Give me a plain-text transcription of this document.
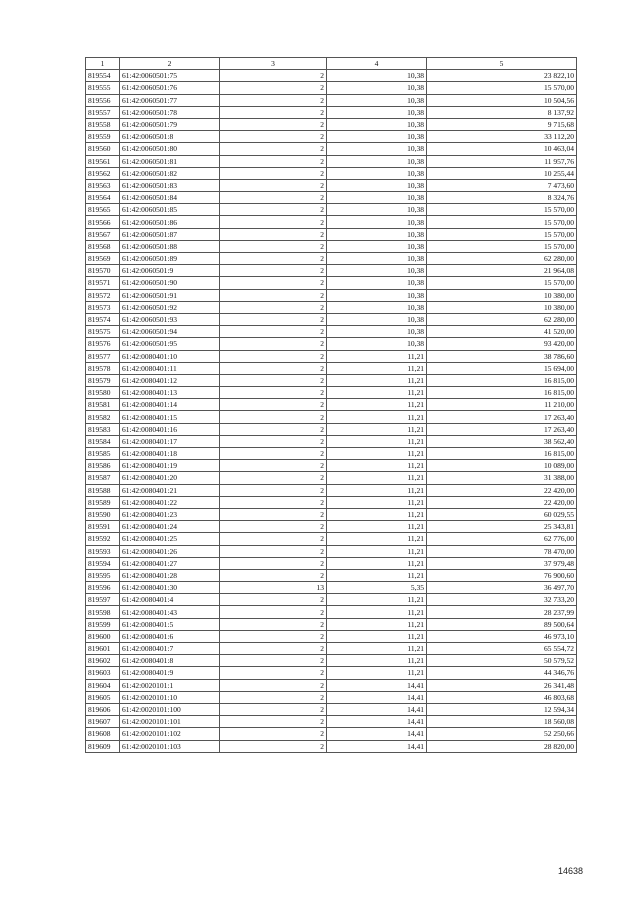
1	2	3	4	5
819554	61:42:0060501:75	2	10,38	23 822,10
819555	61:42:0060501:76	2	10,38	15 570,00
819556	61:42:0060501:77	2	10,38	10 504,56
819557	61:42:0060501:78	2	10,38	8 137,92
819558	61:42:0060501:79	2	10,38	9 715,68
819559	61:42:0060501:8	2	10,38	33 112,20
819560	61:42:0060501:80	2	10,38	10 463,04
819561	61:42:0060501:81	2	10,38	11 957,76
819562	61:42:0060501:82	2	10,38	10 255,44
819563	61:42:0060501:83	2	10,38	7 473,60
819564	61:42:0060501:84	2	10,38	8 324,76
819565	61:42:0060501:85	2	10,38	15 570,00
819566	61:42:0060501:86	2	10,38	15 570,00
819567	61:42:0060501:87	2	10,38	15 570,00
819568	61:42:0060501:88	2	10,38	15 570,00
819569	61:42:0060501:89	2	10,38	62 280,00
819570	61:42:0060501:9	2	10,38	21 964,08
819571	61:42:0060501:90	2	10,38	15 570,00
819572	61:42:0060501:91	2	10,38	10 380,00
819573	61:42:0060501:92	2	10,38	10 380,00
819574	61:42:0060501:93	2	10,38	62 280,00
819575	61:42:0060501:94	2	10,38	41 520,00
819576	61:42:0060501:95	2	10,38	93 420,00
819577	61:42:0080401:10	2	11,21	38 786,60
819578	61:42:0080401:11	2	11,21	15 694,00
819579	61:42:0080401:12	2	11,21	16 815,00
819580	61:42:0080401:13	2	11,21	16 815,00
819581	61:42:0080401:14	2	11,21	11 210,00
819582	61:42:0080401:15	2	11,21	17 263,40
819583	61:42:0080401:16	2	11,21	17 263,40
819584	61:42:0080401:17	2	11,21	38 562,40
819585	61:42:0080401:18	2	11,21	16 815,00
819586	61:42:0080401:19	2	11,21	10 089,00
819587	61:42:0080401:20	2	11,21	31 388,00
819588	61:42:0080401:21	2	11,21	22 420,00
819589	61:42:0080401:22	2	11,21	22 420,00
819590	61:42:0080401:23	2	11,21	60 029,55
819591	61:42:0080401:24	2	11,21	25 343,81
819592	61:42:0080401:25	2	11,21	62 776,00
819593	61:42:0080401:26	2	11,21	78 470,00
819594	61:42:0080401:27	2	11,21	37 979,48
819595	61:42:0080401:28	2	11,21	76 900,60
819596	61:42:0080401:30	13	5,35	36 497,70
819597	61:42:0080401:4	2	11,21	32 733,20
819598	61:42:0080401:43	2	11,21	28 237,99
819599	61:42:0080401:5	2	11,21	89 500,64
819600	61:42:0080401:6	2	11,21	46 973,10
819601	61:42:0080401:7	2	11,21	65 554,72
819602	61:42:0080401:8	2	11,21	50 579,52
819603	61:42:0080401:9	2	11,21	44 346,76
819604	61:42:0020101:1	2	14,41	26 341,48
819605	61:42:0020101:10	2	14,41	46 803,68
819606	61:42:0020101:100	2	14,41	12 594,34
819607	61:42:0020101:101	2	14,41	18 560,08
819608	61:42:0020101:102	2	14,41	52 250,66
819609	61:42:0020101:103	2	14,41	28 820,00
14638
